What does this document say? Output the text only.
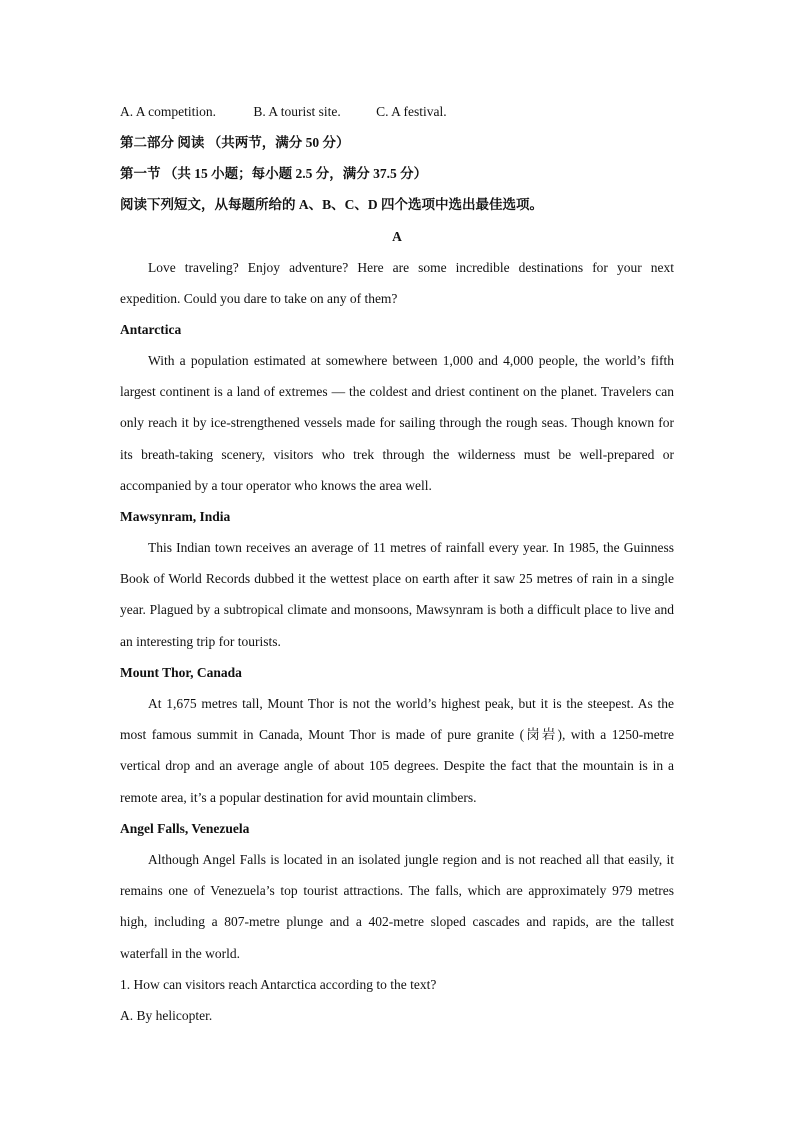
A. A competition.	B. A tourist site.	C. A festival.
第二部分 阅读 （共两节，满分 50 分）
第一节 （共 15 小题；每小题 2.5 分，满分 37.5 分）
阅读下列短文，从每题所给的 A、B、C、D 四个选项中选出最佳选项。
A
Love traveling? Enjoy adventure? Here are some incredible destinations for your next expedition. Could you dare to take on any of them?
Antarctica
With a population estimated at somewhere between 1,000 and 4,000 people, the world’s fifth largest continent is a land of extremes — the coldest and driest continent on the planet. Travelers can only reach it by ice-strengthened vessels made for sailing through the rough seas. Though known for its breath-taking scenery, visitors who trek through the wilderness must be well-prepared or accompanied by a tour operator who knows the area well.
Mawsynram, India
This Indian town receives an average of 11 metres of rainfall every year. In 1985, the Guinness Book of World Records dubbed it the wettest place on earth after it saw 25 metres of rain in a single year. Plagued by a subtropical climate and monsoons, Mawsynram is both a difficult place to live and an interesting trip for tourists.
Mount Thor, Canada
At 1,675 metres tall, Mount Thor is not the world’s highest peak, but it is the steepest. As the most famous summit in Canada, Mount Thor is made of pure granite (岗岩), with a 1250-metre vertical drop and an average angle of about 105 degrees. Despite the fact that the mountain is in a remote area, it’s a popular destination for avid mountain climbers.
Angel Falls, Venezuela
Although Angel Falls is located in an isolated jungle region and is not reached all that easily, it remains one of Venezuela’s top tourist attractions. The falls, which are approximately 979 metres high, including a 807-metre plunge and a 402-metre sloped cascades and rapids, are the tallest waterfall in the world.
1. How can visitors reach Antarctica according to the text?
A. By helicopter.
